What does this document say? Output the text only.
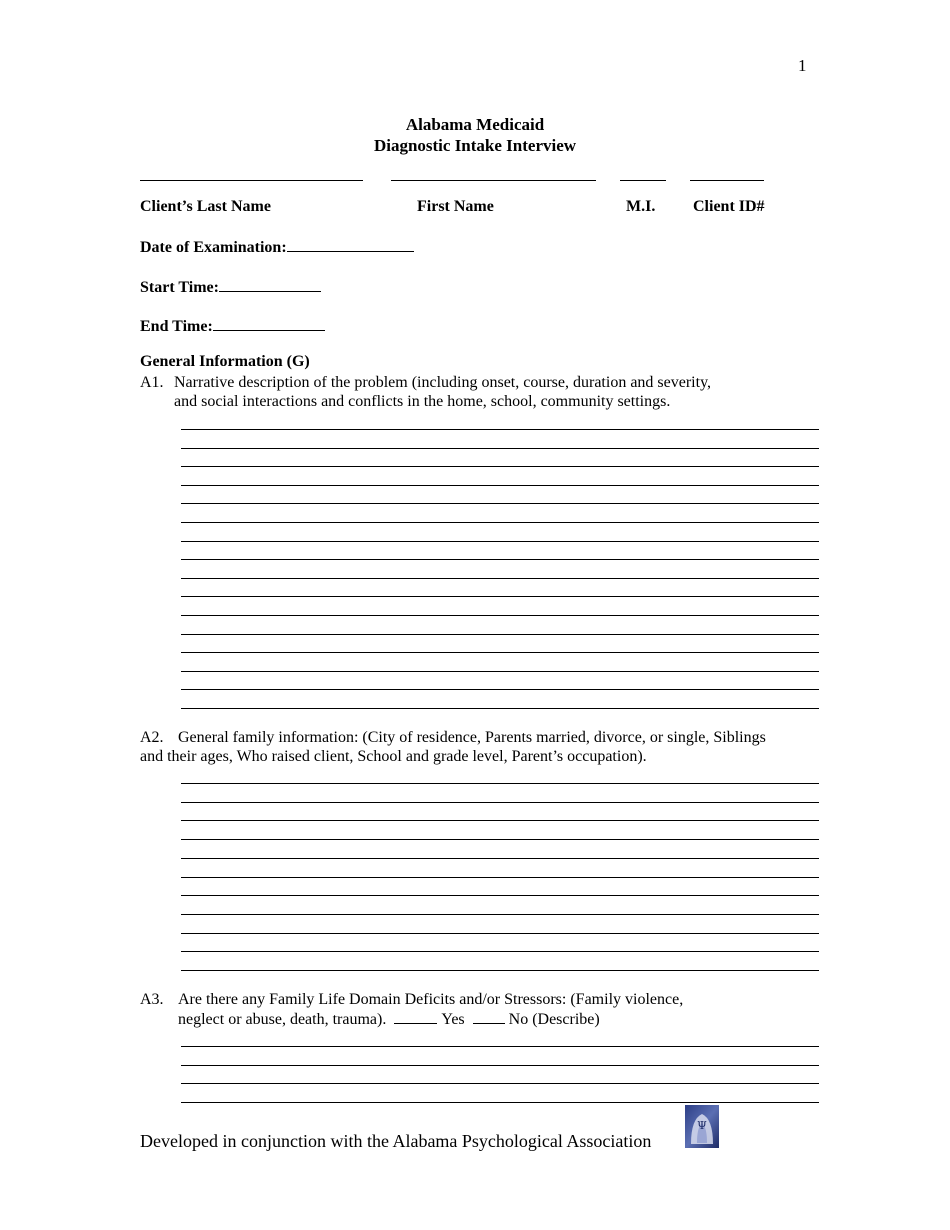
1
Alabama Medicaid
Diagnostic Intake Interview
Client’s Last Name	First Name	M.I. Client ID#
Date of Examination:
Start Time:
End Time:
General Information (G)
A1. Narrative description of the problem (including onset, course, duration and severity,
and social interactions and conflicts in the home, school, community settings.
A2. General family information: (City of residence, Parents married, divorce, or single, Siblings
and their ages, Who raised client, School and grade level, Parent’s occupation).
A3. Are there any Family Life Domain Deficits and/or Stressors: (Family violence,
neglect or abuse, death, trauma).	Yes	No (Describe)
Developed in conjunction with the Alabama Psychological Association
Ψ
